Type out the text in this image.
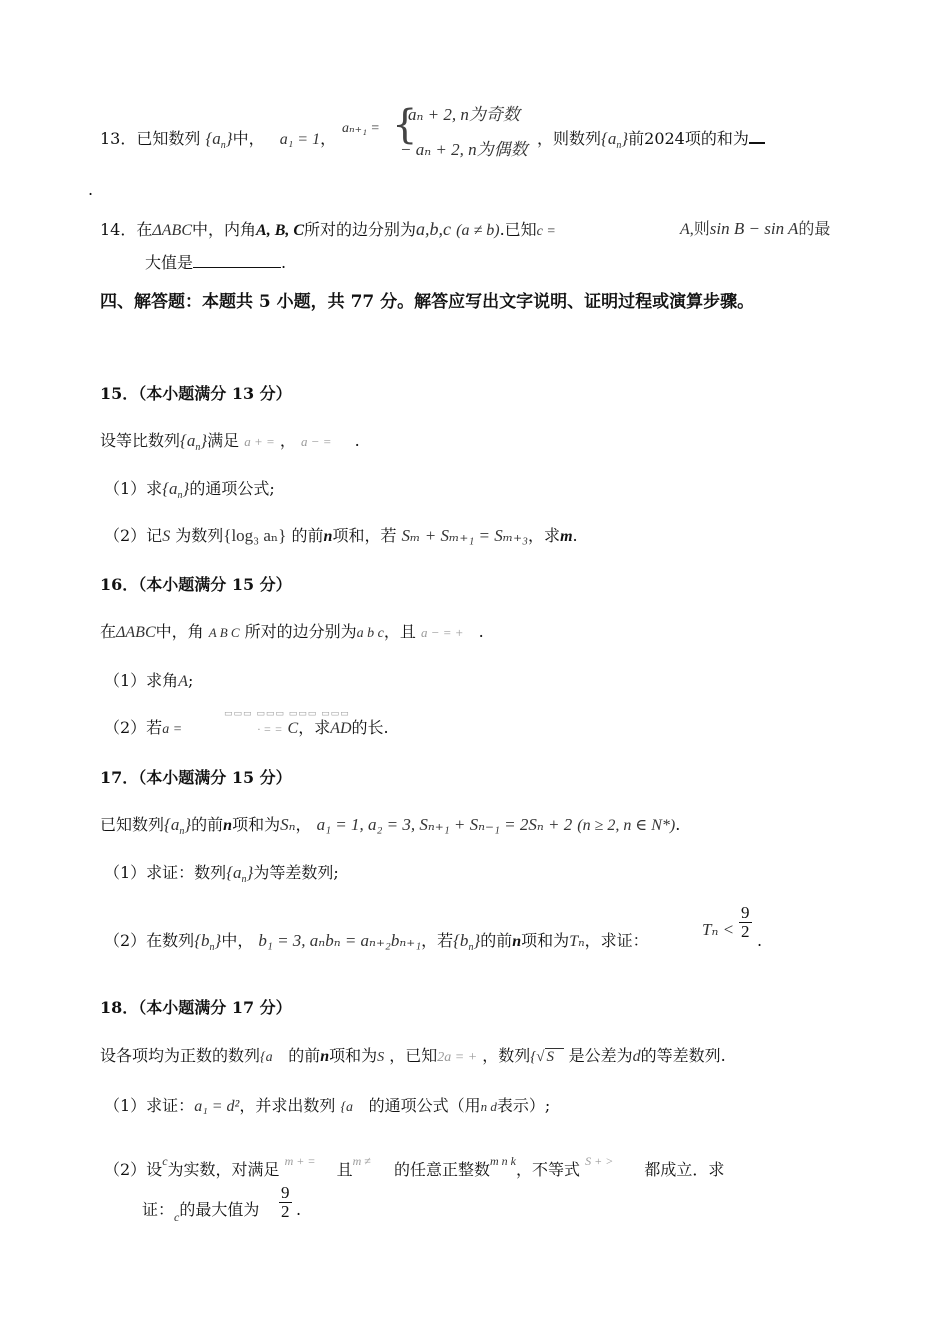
13．已知数列 $\{a_n\}$中， a₁ = 1，
aₙ₊₁ = {
aₙ + 2, n为奇数
− aₙ + 2, n为偶数
，则数列$\{a_n\}$前2024项的和为
.
14．在ΔABC中，内角A, B, C所对的边分别为a,b,c (a ≠ b).已知c =	A,则sin B − sin A的最
大值是	.
四、解答题：本题共 5 小题，共 77 分。解答应写出文字说明、证明过程或演算步骤。
15．（本小题满分 13 分）
设等比数列$\{a_n\}$满足 a + = ， a − = .
（1）求$\{a_n\}$的通项公式;
（2）记S 为数列{log₃ aₙ} 的前n项和，若 Sₘ + Sₘ₊₁ = Sₘ₊₃，求m.
16．（本小题满分 15 分）
在ΔABC中，角 A B C 所对的边分别为a b c，且 a − = + .
（1）求角A;
（2）若a =	· = = C，求AD的长.
▭▭▭ ▭▭▭ ▭▭▭ ▭▭▭
17．（本小题满分 15 分）
已知数列$\{a_n\}$的前n项和为Sₙ， a₁ = 1, a₂ = 3, Sₙ₊₁ + Sₙ₋₁ = 2Sₙ + 2 (n ≥ 2, n ∈ N*).
（1）求证：数列$\{a_n\}$为等差数列;
（2）在数列$\{b_n\}$中， b₁ = 3, aₙbₙ = aₙ₊₂bₙ₊₁，若$\{b_n\}$的前n项和为Tₙ，求证：
$T_n < \frac{9}{2}$ .
18．（本小题满分 17 分）
设各项均为正数的数列{a    的前n项和为S ，已知2a = + ，数列{√ S   是公差为d的等差数列.
（1）求证：a₁ = d²，并求出数列 {a    的通项公式（用n d表示）;
（2）设$^c$为实数，对满足 $^{m + =}$ 且$^{m \ne}$ 的任意正整数$^{m n k}$，不等式 $^{S + >}$ 都成立．求
证：$_c$的最大值为 $\frac{9}{2}$ .
